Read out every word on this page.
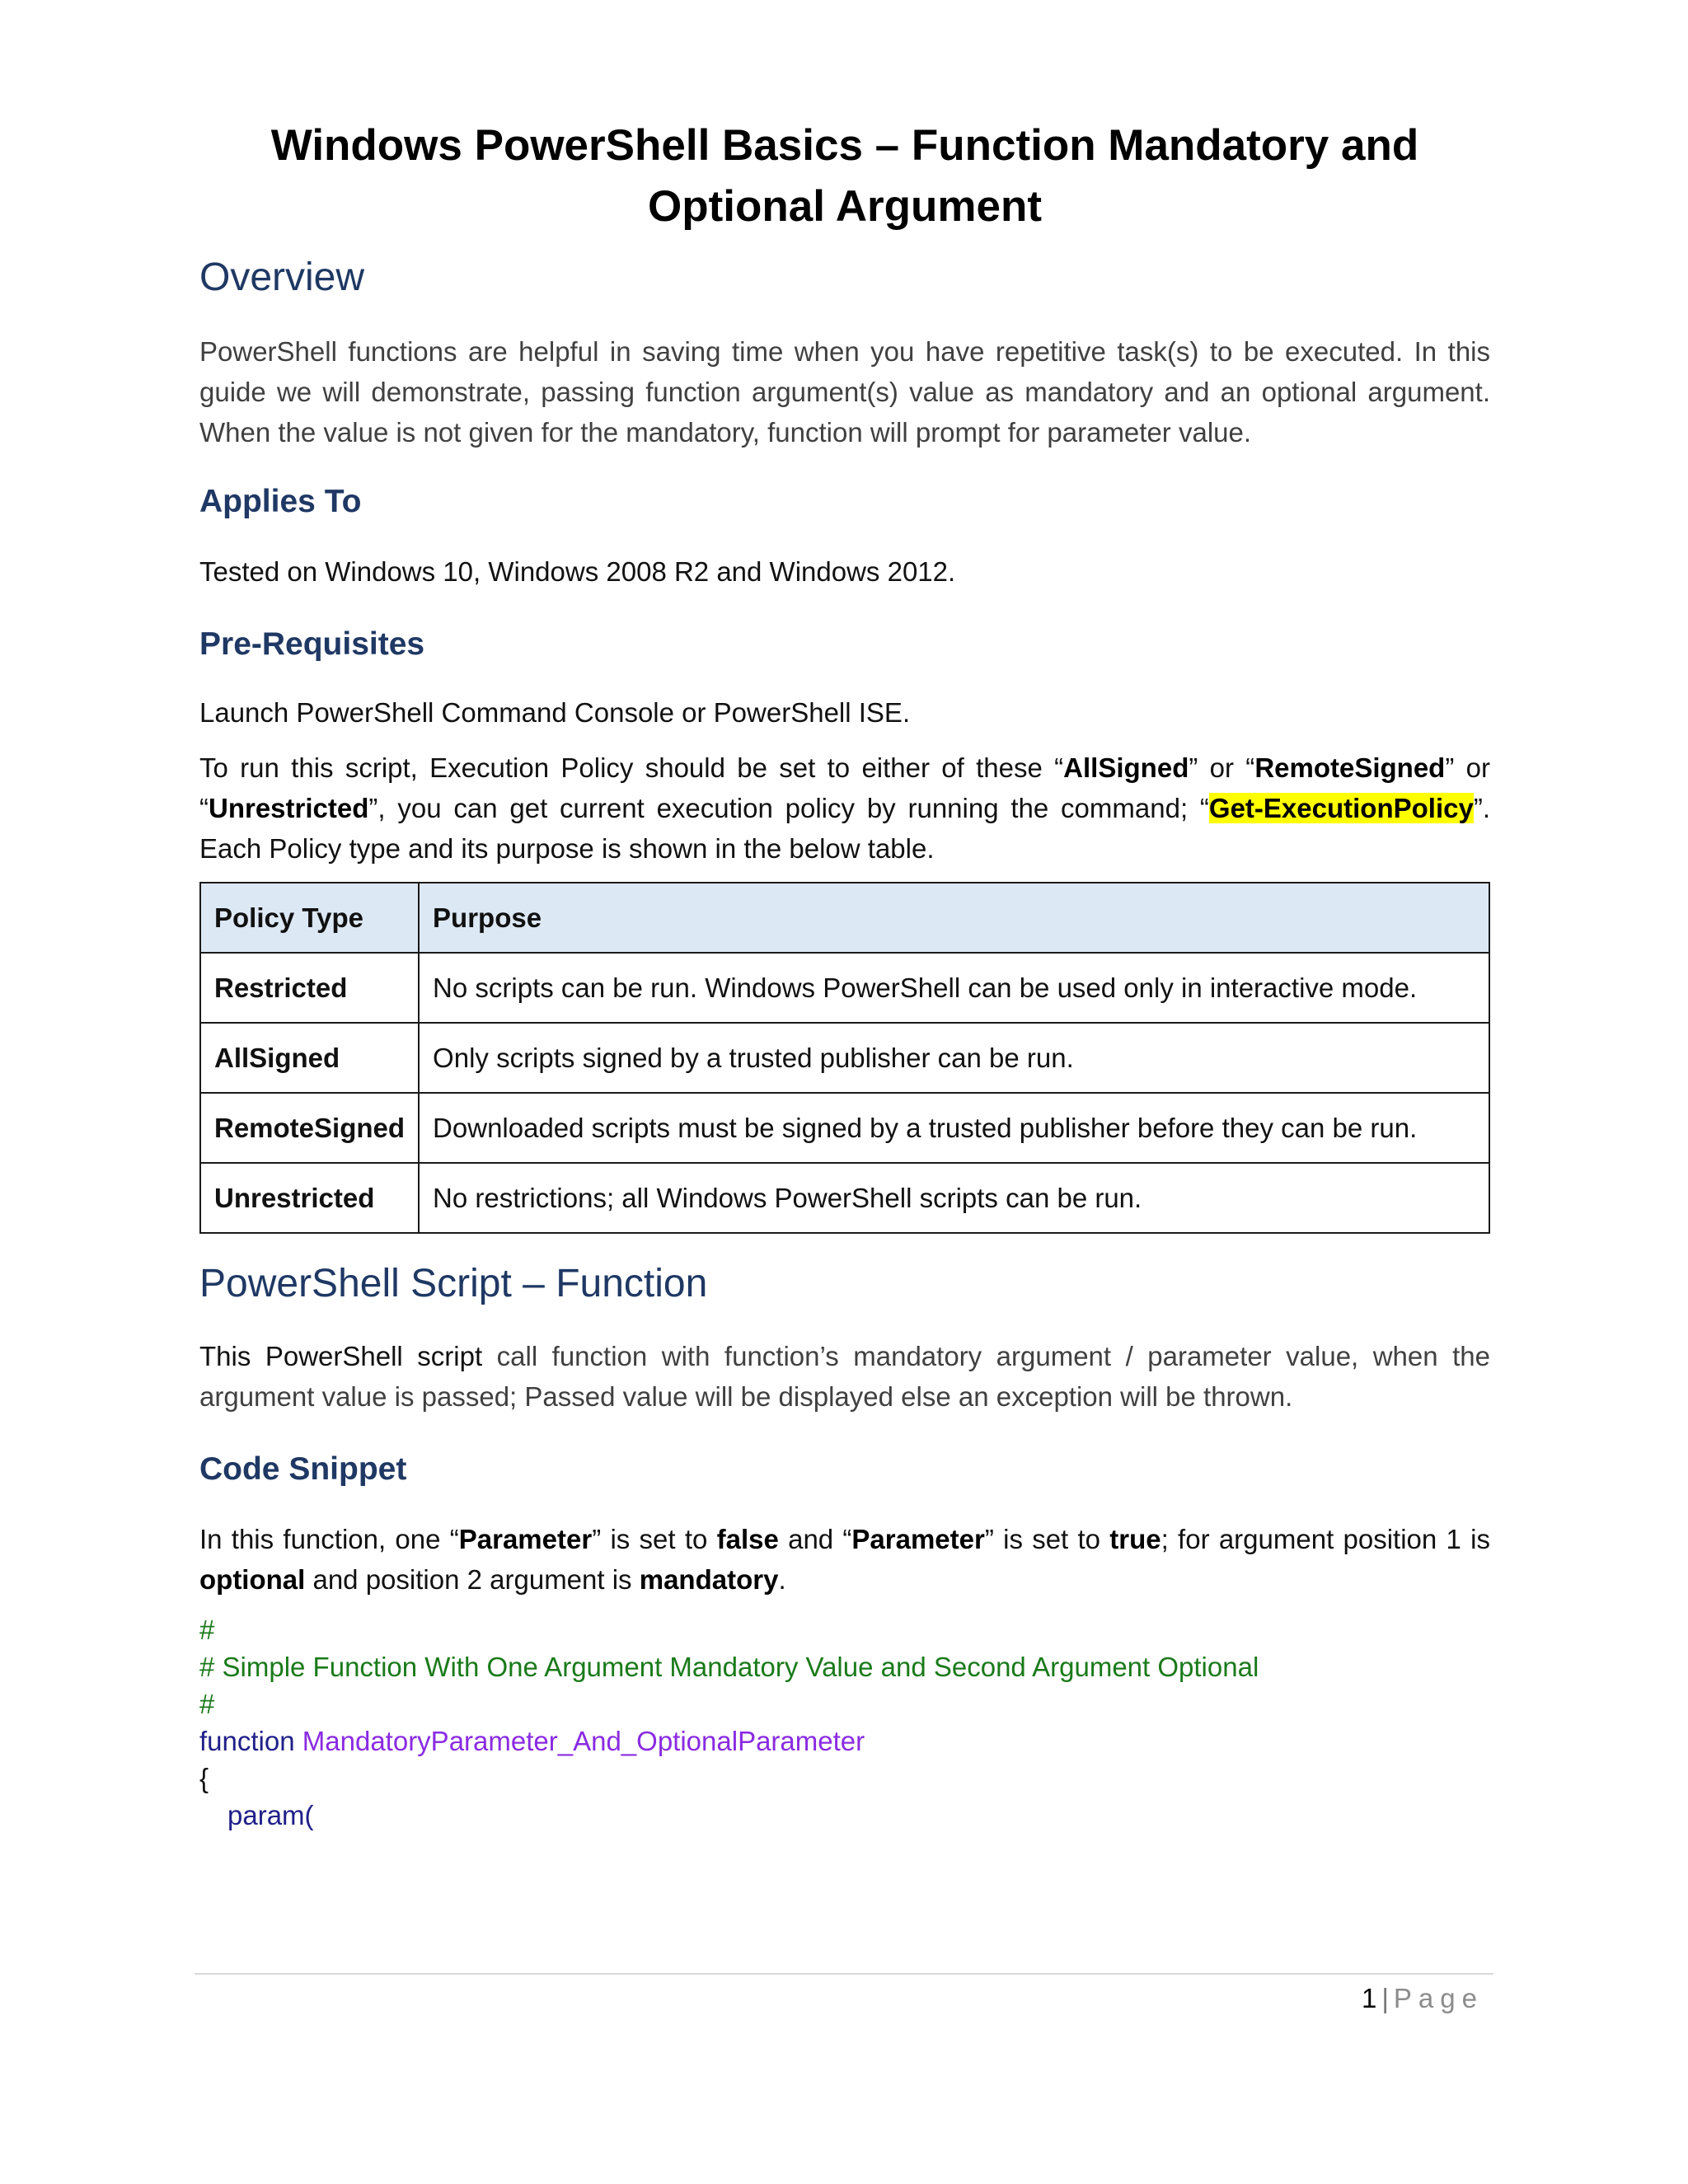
Windows PowerShell Basics – Function Mandatory and
Optional Argument
Overview

PowerShell functions are helpful in saving time when you have repetitive task(s) to be executed. In this guide we will demonstrate, passing function argument(s) value as mandatory and an optional argument. When the value is not given for the mandatory, function will prompt for parameter value.

Applies To

Tested on Windows 10, Windows 2008 R2 and Windows 2012.

Pre-Requisites

Launch PowerShell Command Console or PowerShell ISE.

To run this script, Execution Policy should be set to either of these “AllSigned” or “RemoteSigned” or “Unrestricted”, you can get current execution policy by running the command; “Get-ExecutionPolicy”. Each Policy type and its purpose is shown in the below table.

Policy Type	Purpose
Restricted	No scripts can be run. Windows PowerShell can be used only in interactive mode.
AllSigned	Only scripts signed by a trusted publisher can be run.
RemoteSigned	Downloaded scripts must be signed by a trusted publisher before they can be run.
Unrestricted	No restrictions; all Windows PowerShell scripts can be run.
PowerShell Script – Function

This PowerShell script call function with function’s mandatory argument / parameter value, when the argument value is passed; Passed value will be displayed else an exception will be thrown.

Code Snippet

In this function, one “Parameter” is set to false and “Parameter” is set to true; for argument position 1 is optional and position 2 argument is mandatory.

#
# Simple Function With One Argument Mandatory Value and Second Argument Optional
#
function MandatoryParameter_And_OptionalParameter
{
param(
1 | Page
